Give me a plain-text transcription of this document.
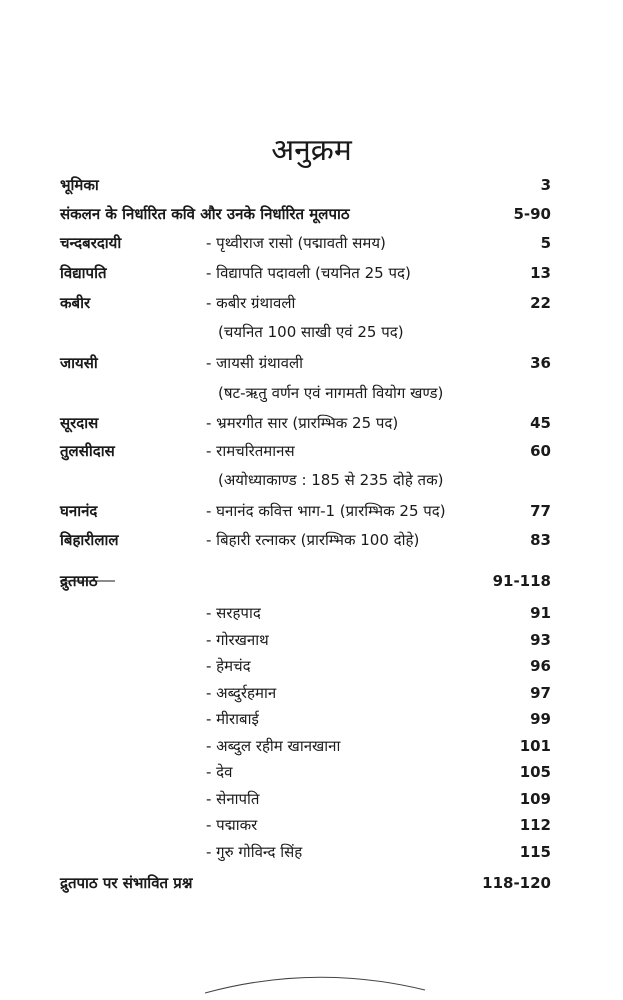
अनुक्रम
भूमिका	3
संकलन के निर्धारित कवि और उनके निर्धारित मूलपाठ	5-90
चन्दबरदायी	- पृथ्वीराज रासो (पद्मावती समय)	5
विद्यापति	- विद्यापति पदावली (चयनित 25 पद)	13
कबीर	- कबीर ग्रंथावली	22
(चयनित 100 साखी एवं 25 पद)
जायसी	- जायसी ग्रंथावली	36
(षट-ऋतु वर्णन एवं नागमती वियोग खण्ड)
सूरदास	- भ्रमरगीत सार (प्रारम्भिक 25 पद)	45
तुलसीदास	- रामचरितमानस	60
(अयोध्याकाण्ड : 185 से 235 दोहे तक)
घनानंद	- घनानंद कवित्त भाग-1 (प्रारम्भिक 25 पद)	77
बिहारीलाल	- बिहारी रत्नाकर (प्रारम्भिक 100 दोहे)	83
द्रुतपाठ	91-118
- सरहपाद	91
- गोरखनाथ	93
- हेमचंद	96
- अब्दुर्रहमान	97
- मीराबाई	99
- अब्दुल रहीम खानखाना	101
- देव	105
- सेनापति	109
- पद्माकर	112
- गुरु गोविन्द सिंह	115
द्रुतपाठ पर संभावित प्रश्न	118-120
